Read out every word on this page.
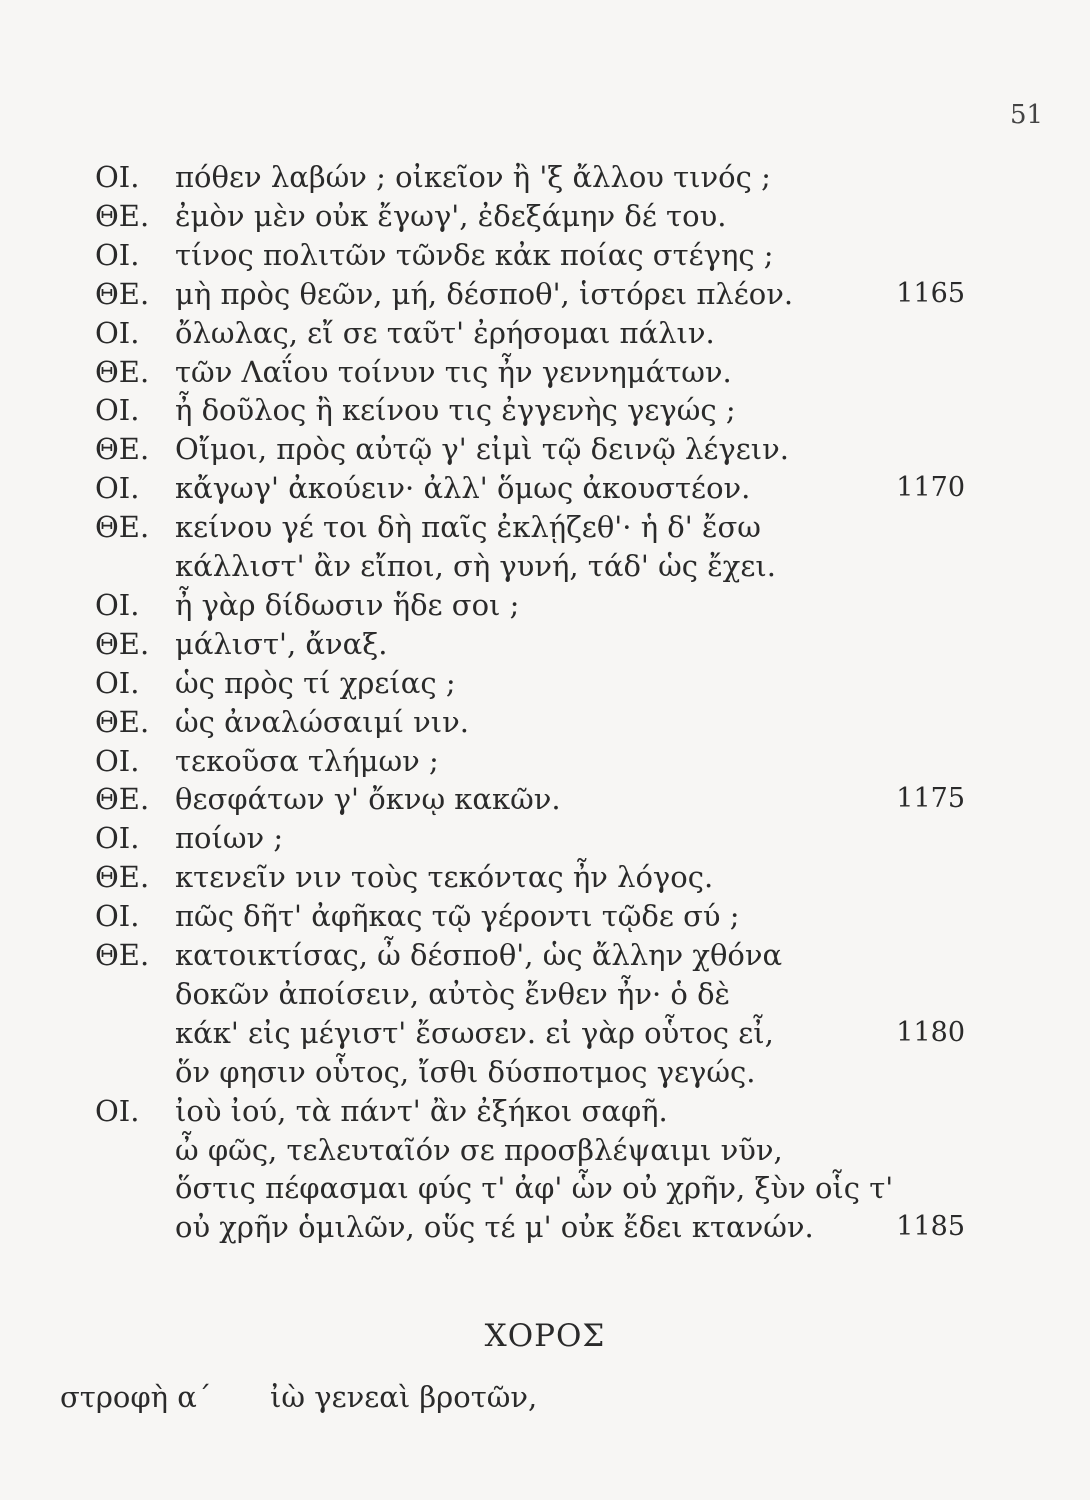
51
ΟΙ. πόθεν λαβών ; οἰκεῖον ἢ 'ξ ἄλλου τινός ;
ΘΕ. ἐμὸν μὲν οὐκ ἔγωγ', ἐδεξάμην δέ του.
ΟΙ. τίνος πολιτῶν τῶνδε κἀκ ποίας στέγης ;
ΘΕ. μὴ πρὸς θεῶν, μή, δέσποθ', ἱστόρει πλέον.	1165
ΟΙ. ὄλωλας, εἴ σε ταῦτ' ἐρήσομαι πάλιν.
ΘΕ. τῶν Λαΐου τοίνυν τις ἦν γεννημάτων.
ΟΙ. ἦ δοῦλος ἢ κείνου τις ἐγγενὴς γεγώς ;
ΘΕ. Οἴμοι, πρὸς αὐτῷ γ' εἰμὶ τῷ δεινῷ λέγειν.
ΟΙ. κἄγωγ' ἀκούειν· ἀλλ' ὅμως ἀκουστέον.	1170
ΘΕ. κείνου γέ τοι δὴ παῖς ἐκλῄζεθ'· ἡ δ' ἔσω
κάλλιστ' ἂν εἴποι, σὴ γυνή, τάδ' ὡς ἔχει.
ΟΙ. ἦ γὰρ δίδωσιν ἥδε σοι ;
ΘΕ. μάλιστ', ἄναξ.
ΟΙ. ὡς πρὸς τί χρείας ;
ΘΕ. ὡς ἀναλώσαιμί νιν.
ΟΙ. τεκοῦσα τλήμων ;
ΘΕ. θεσφάτων γ' ὄκνῳ κακῶν.	1175
ΟΙ. ποίων ;
ΘΕ. κτενεῖν νιν τοὺς τεκόντας ἦν λόγος.
ΟΙ. πῶς δῆτ' ἀφῆκας τῷ γέροντι τῷδε σύ ;
ΘΕ. κατοικτίσας, ὦ δέσποθ', ὡς ἄλλην χθόνα
δοκῶν ἀποίσειν, αὐτὸς ἔνθεν ἦν· ὁ δὲ
κάκ' εἰς μέγιστ' ἔσωσεν. εἰ γὰρ οὗτος εἶ,	1180
ὅν φησιν οὗτος, ἴσθι δύσποτμος γεγώς.
ΟΙ. ἰοὺ ἰού, τὰ πάντ' ἂν ἐξήκοι σαφῆ.
ὦ φῶς, τελευταῖόν σε προσβλέψαιμι νῦν,
ὅστις πέφασμαι φύς τ' ἀφ' ὧν οὐ χρῆν, ξὺν οἷς τ'
οὐ χρῆν ὁμιλῶν, οὕς τέ μ' οὐκ ἔδει κτανών.	1185
ΧΟΡΟΣ
στροφὴ α΄ ἰὼ γενεαὶ βροτῶν,
